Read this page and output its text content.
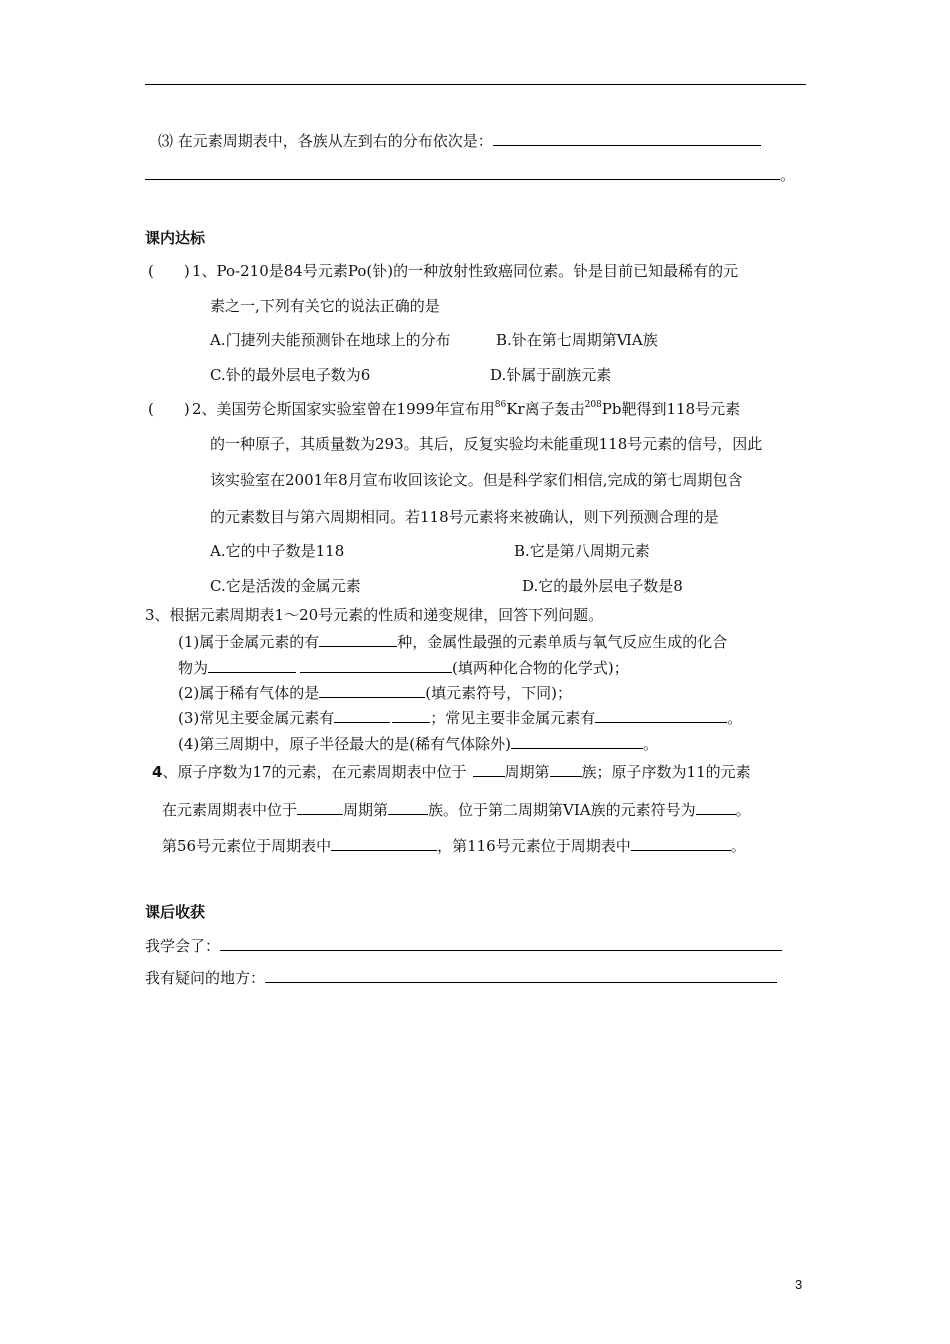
⑶ 在元素周期表中，各族从左到右的分布依次是：
。
课内达标
(　　) 1、Po-210是84号元素Po(钋)的一种放射性致癌同位素。钋是目前已知最稀有的元
素之一,下列有关它的说法正确的是
A.门捷列夫能预测钋在地球上的分布	B.钋在第七周期第ⅥA族
C.钋的最外层电子数为6	D.钋属于副族元素
(　　) 2、美国劳仑斯国家实验室曾在1999年宣布用$^{86}$Kr离子轰击$^{208}$Pb靶得到118号元素
的一种原子，其质量数为293。其后，反复实验均未能重现118号元素的信号，因此
该实验室在2001年8月宣布收回该论文。但是科学家们相信,完成的第七周期包含
的元素数目与第六周期相同。若118号元素将来被确认，则下列预测合理的是
A.它的中子数是118	B.它是第八周期元素
C.它是活泼的金属元素	D.它的最外层电子数是8
3、根据元素周期表1～20号元素的性质和递变规律，回答下列问题。
(1)属于金属元素的有	种，金属性最强的元素单质与氧气反应生成的化合
物为	(填两种化合物的化学式)；
(2)属于稀有气体的是	(填元素符号，下同)；
(3)常见主要金属元素有	；常见主要非金属元素有	。
(4)第三周期中，原子半径最大的是(稀有气体除外)	。
4、原子序数为17的元素，在元素周期表中位于	周期第 族；原子序数为11的元素
在元素周期表中位于	周期第	族。位于第二周期第VIA族的元素符号为	。
第56号元素位于周期表中	，第116号元素位于周期表中	。
课后收获
我学会了：
我有疑问的地方：
3
